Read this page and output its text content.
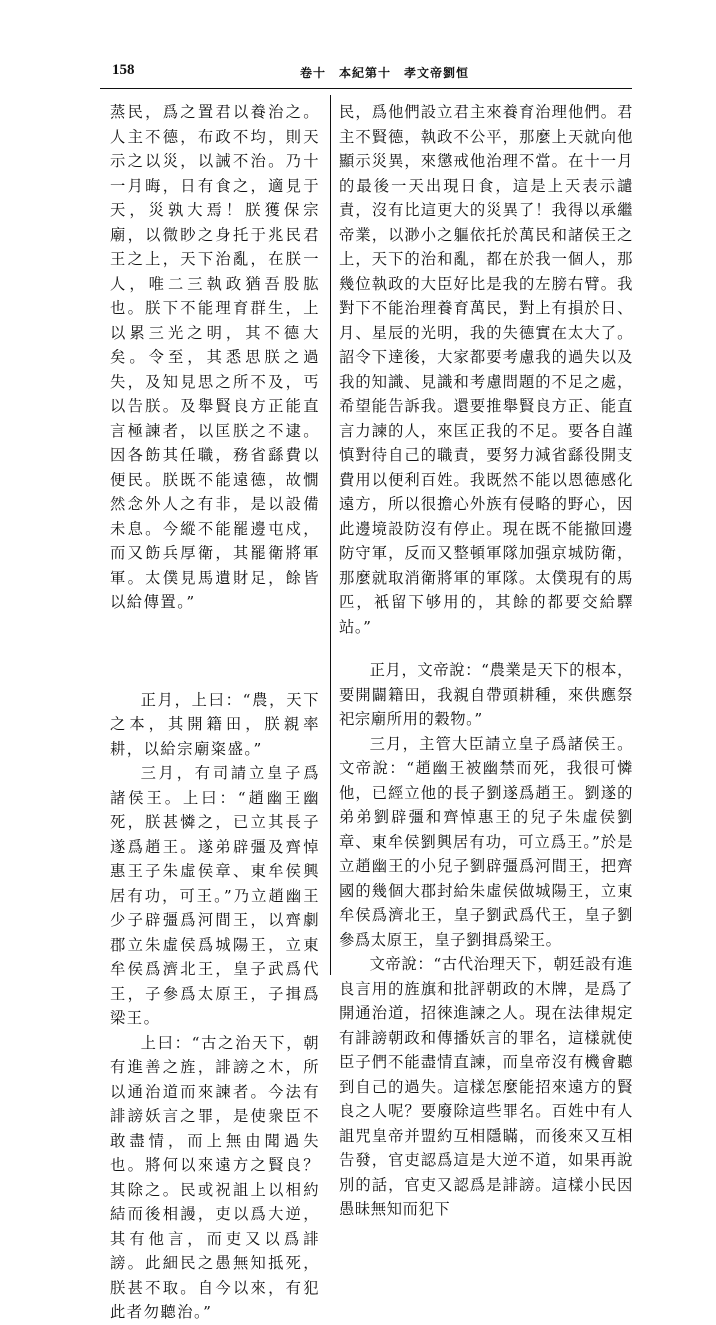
158	卷十　本紀第十　孝文帝劉恒

蒸民，爲之置君以養治之。人主不德，布政不均，則天示之以災，以誡不治。乃十一月晦，日有食之，適見于天，災孰大焉！朕獲保宗廟，以微眇之身托于兆民君王之上，天下治亂，在朕一人，唯二三執政猶吾股肱也。朕下不能理育群生，上以累三光之明，其不德大矣。令至，其悉思朕之過失，及知見思之所不及，丐以告朕。及舉賢良方正能直言極諫者，以匡朕之不逮。因各飭其任職，務省繇費以便民。朕既不能遠德，故憪然念外人之有非，是以設備未息。今縱不能罷邊屯戍，而又飭兵厚衛，其罷衛將軍軍。太僕見馬遺財足，餘皆以給傳置。”

正月，上曰：“農，天下之本，其開籍田，朕親率耕，以給宗廟粢盛。”

三月，有司請立皇子爲諸侯王。上曰：“趙幽王幽死，朕甚憐之，已立其長子遂爲趙王。遂弟辟彊及齊悼惠王子朱虛侯章、東牟侯興居有功，可王。”乃立趙幽王少子辟彊爲河間王，以齊劇郡立朱虛侯爲城陽王，立東牟侯爲濟北王，皇子武爲代王，子參爲太原王，子揖爲梁王。

上曰：“古之治天下，朝有進善之旌，誹謗之木，所以通治道而來諫者。今法有誹謗妖言之罪，是使衆臣不敢盡情，而上無由聞過失也。將何以來遠方之賢良？其除之。民或祝詛上以相約結而後相謾，吏以爲大逆，其有他言，而吏又以爲誹謗。此細民之愚無知抵死，朕甚不取。自今以來，有犯此者勿聽治。”

民，爲他們設立君主來養育治理他們。君主不賢德，執政不公平，那麼上天就向他顯示災異，來懲戒他治理不當。在十一月的最後一天出現日食，這是上天表示譴責，沒有比這更大的災異了！我得以承繼帝業，以渺小之軀依托於萬民和諸侯王之上，天下的治和亂，都在於我一個人，那幾位執政的大臣好比是我的左膀右臂。我對下不能治理養育萬民，對上有損於日、月、星辰的光明，我的失德實在太大了。詔令下達後，大家都要考慮我的過失以及我的知識、見識和考慮問題的不足之處，希望能告訴我。還要推舉賢良方正、能直言力諫的人，來匡正我的不足。要各自謹慎對待自己的職責，要努力減省繇役開支費用以便利百姓。我既然不能以恩德感化遠方，所以很擔心外族有侵略的野心，因此邊境設防沒有停止。現在既不能撤回邊防守軍，反而又整頓軍隊加强京城防衛，那麼就取消衛將軍的軍隊。太僕現有的馬匹，衹留下够用的，其餘的都要交給驛站。”

正月，文帝說：“農業是天下的根本，要開闢籍田，我親自帶頭耕種，來供應祭祀宗廟所用的穀物。”

三月，主管大臣請立皇子爲諸侯王。文帝說：“趙幽王被幽禁而死，我很可憐他，已經立他的長子劉遂爲趙王。劉遂的弟弟劉辟彊和齊悼惠王的兒子朱虛侯劉章、東牟侯劉興居有功，可立爲王。”於是立趙幽王的小兒子劉辟彊爲河間王，把齊國的幾個大郡封給朱虛侯做城陽王，立東牟侯爲濟北王，皇子劉武爲代王，皇子劉參爲太原王，皇子劉揖爲梁王。

文帝說：“古代治理天下，朝廷設有進良言用的旌旗和批評朝政的木牌，是爲了開通治道，招徠進諫之人。現在法律規定有誹謗朝政和傳播妖言的罪名，這樣就使臣子們不能盡情直諫，而皇帝沒有機會聽到自己的過失。這樣怎麼能招來遠方的賢良之人呢？要廢除這些罪名。百姓中有人詛咒皇帝并盟約互相隱瞞，而後來又互相告發，官吏認爲這是大逆不道，如果再說別的話，官吏又認爲是誹謗。這樣小民因愚昧無知而犯下
